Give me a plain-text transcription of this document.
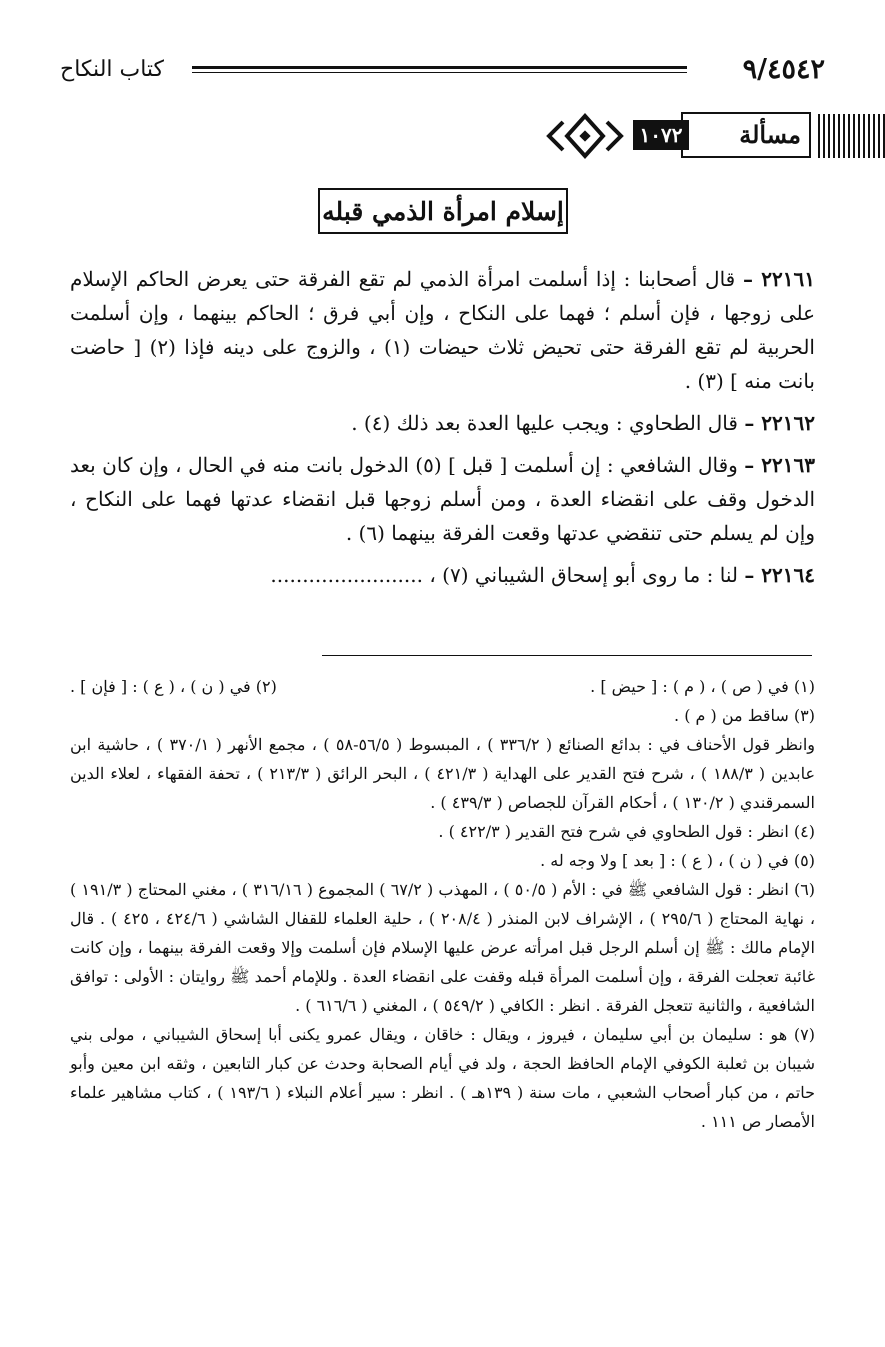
٩/٤٥٤٢
كتاب النكاح
مسألة
١٠٧٢
إسلام امرأة الذمي قبله

٢٢١٦١ – قال أصحابنا : إذا أسلمت امرأة الذمي لم تقع الفرقة حتى يعرض الحاكم الإسلام على زوجها ، فإن أسلم ؛ فهما على النكاح ، وإن أبي فرق ؛ الحاكم بينهما ، وإن أسلمت الحربية لم تقع الفرقة حتى تحيض ثلاث حيضات (١) ، والزوج على دينه فإذا (٢) [ حاضت بانت منه ] (٣) .

٢٢١٦٢ – قال الطحاوي : ويجب عليها العدة بعد ذلك (٤) .

٢٢١٦٣ – وقال الشافعي : إن أسلمت [ قبل ] (٥) الدخول بانت منه في الحال ، وإن كان بعد الدخول وقف على انقضاء العدة ، ومن أسلم زوجها قبل انقضاء عدتها فهما على النكاح ، وإن لم يسلم حتى تنقضي عدتها وقعت الفرقة بينهما (٦) .

٢٢١٦٤ – لنا : ما روى أبو إسحاق الشيباني (٧) ، ........................

(١) في ( ص ) ، ( م ) : [ حيض ] .
(٢) في ( ن ) ، ( ع ) : [ فإن ] .

(٣) ساقط من ( م ) .

وانظر قول الأحناف في : بدائع الصنائع ( ٣٣٦/٢ ) ، المبسوط ( ٥٦/٥-٥٨ ) ، مجمع الأنهر ( ٣٧٠/١ ) ، حاشية ابن عابدين ( ١٨٨/٣ ) ، شرح فتح القدير على الهداية ( ٤٢١/٣ ) ، البحر الرائق ( ٢١٣/٣ ) ، تحفة الفقهاء ، لعلاء الدين السمرقندي ( ١٣٠/٢ ) ، أحكام القرآن للجصاص ( ٤٣٩/٣ ) .

(٤) انظر : قول الطحاوي في شرح فتح القدير ( ٤٢٢/٣ ) .

(٥) في ( ن ) ، ( ع ) : [ بعد ] ولا وجه له .

(٦) انظر : قول الشافعي ﷺ في : الأم ( ٥٠/٥ ) ، المهذب ( ٦٧/٢ ) المجموع ( ٣١٦/١٦ ) ، مغني المحتاج ( ١٩١/٣ ) ، نهاية المحتاج ( ٢٩٥/٦ ) ، الإشراف لابن المنذر ( ٢٠٨/٤ ) ، حلية العلماء للقفال الشاشي ( ٤٢٤/٦ ، ٤٢٥ ) . قال الإمام مالك : ﷺ إن أسلم الرجل قبل امرأته عرض عليها الإسلام فإن أسلمت وإلا وقعت الفرقة بينهما ، وإن كانت غائبة تعجلت الفرقة ، وإن أسلمت المرأة قبله وقفت على انقضاء العدة . وللإمام أحمد ﷺ روايتان : الأولى : توافق الشافعية ، والثانية تتعجل الفرقة . انظر : الكافي ( ٥٤٩/٢ ) ، المغني ( ٦١٦/٦ ) .

(٧) هو : سليمان بن أبي سليمان ، فيروز ، ويقال : خاقان ، ويقال عمرو يكنى أبا إسحاق الشيباني ، مولى بني شيبان بن ثعلبة الكوفي الإمام الحافظ الحجة ، ولد في أيام الصحابة وحدث عن كبار التابعين ، وثقه ابن معين وأبو حاتم ، من كبار أصحاب الشعبي ، مات سنة ( ١٣٩هـ ) . انظر : سير أعلام النبلاء ( ١٩٣/٦ ) ، كتاب مشاهير علماء الأمصار ص ١١١ .
